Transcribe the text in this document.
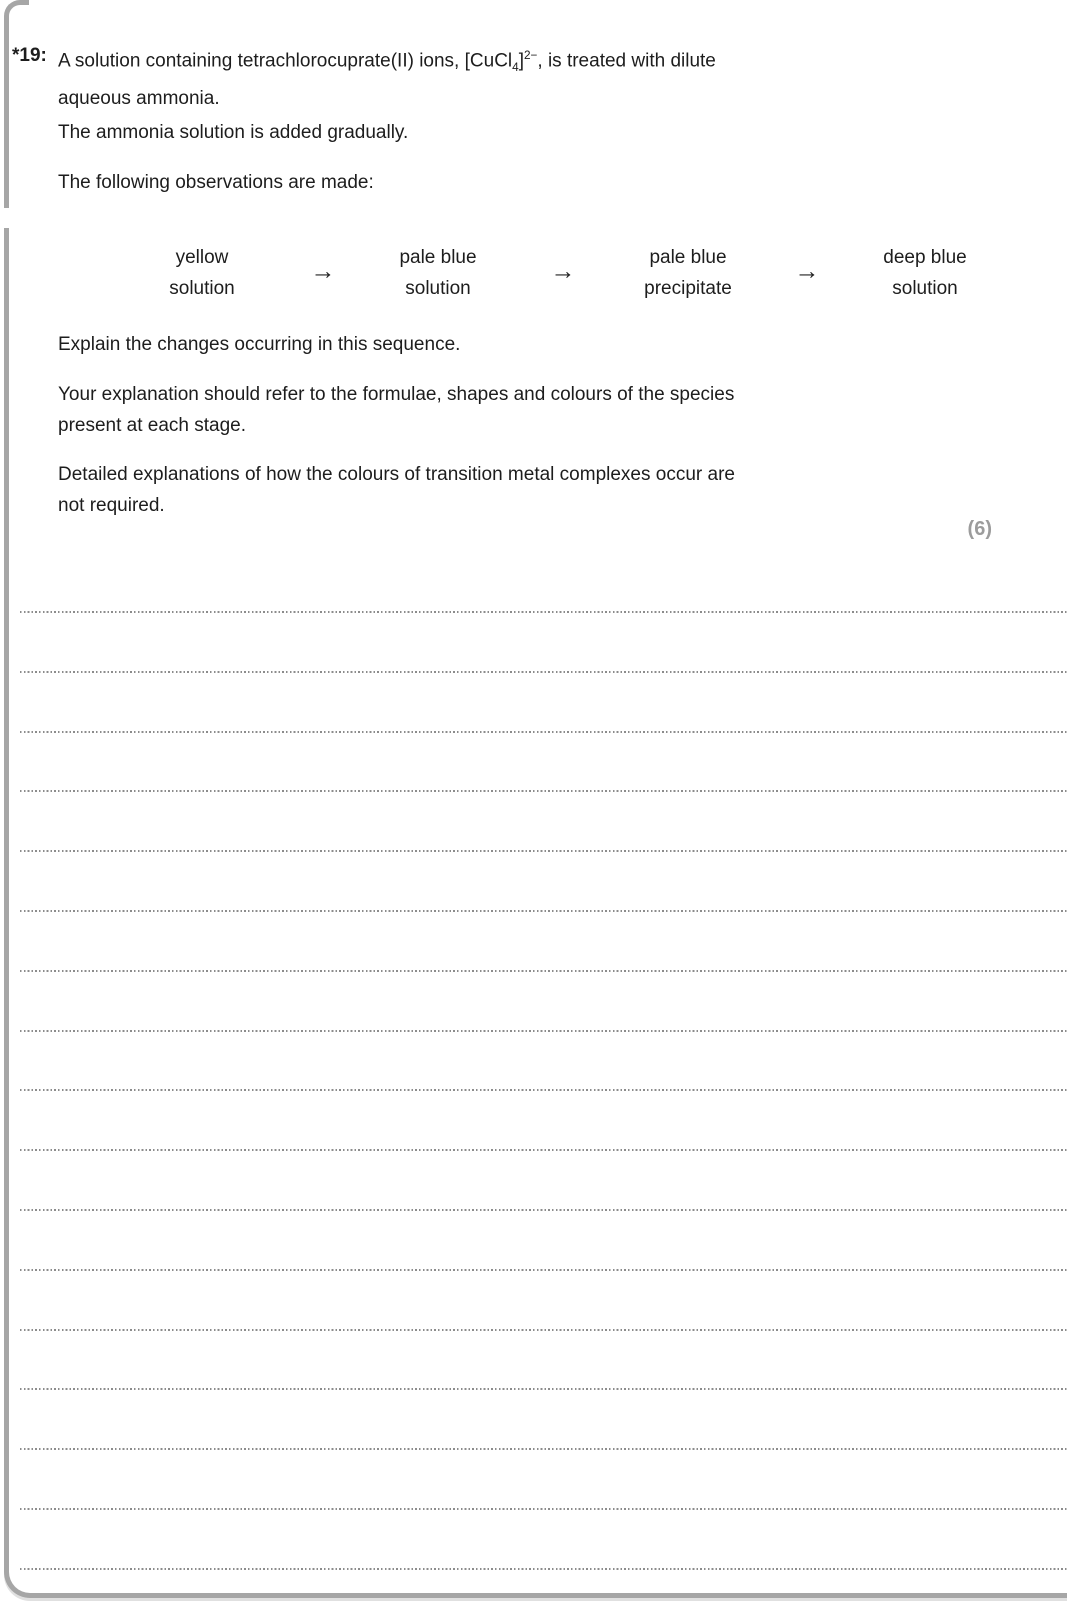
*19: A solution containing tetrachlorocuprate(II) ions, [CuCl$_4$]$^{2-}$, is treated with dilute
aqueous ammonia.
The ammonia solution is added gradually.
The following observations are made:
yellow
solution
→	pale blue
solution
→	pale blue
precipitate
→	deep blue
solution
Explain the changes occurring in this sequence.
Your explanation should refer to the formulae, shapes and colours of the species
present at each stage.
Detailed explanations of how the colours of transition metal complexes occur are
not required.
(6)
